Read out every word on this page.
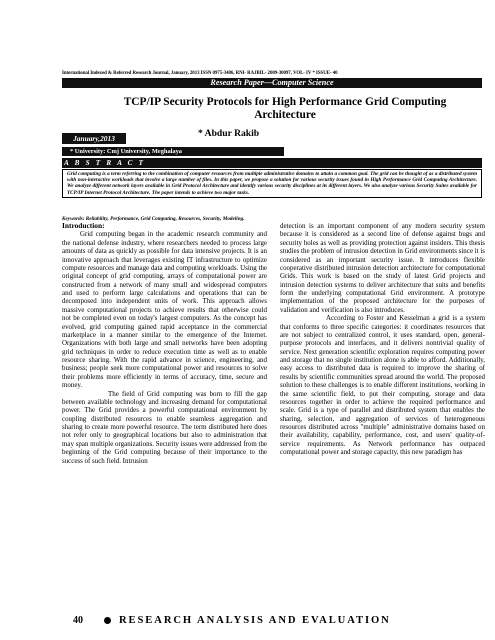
International Indexed & Referred Research Journal, January, 2013 ISSN 0975-3486, RNI- RAJBIL- 2009-30097, VOL- IV * ISSUE- 40
Research Paper—Computer Science
TCP/IP Security Protocols for High Performance Grid Computing Architecture
January,2013	* Abdur Rakib
* University: Cmj University, Meghalaya
A B S T R A C T
Grid computing is a term referring to the combination of computer resources from multiple administrative domains to attain a common goal. The grid can be thought of as a distributed system with non-interactive workloads that involve a large number of files. In this paper, we propose a solution for various security issues found in High Performance Grid Computing Architecture. We analyze different network layers available in Grid Protocol Architecture and identify various security disciplines at its different layers. We also analyze various Security Suites available for TCP/IP Internet Protocol Architecture. The paper intends to achieve two major tasks.
Keywords: Reliability, Performance, Grid Computing, Resources, Security, Modeling.

Introduction:

Grid computing began in the academic research community and the national defense industry, where researchers needed to process large amounts of data as quickly as possible for data intensive projects. It is an innovative approach that leverages existing IT infrastructure to optimize compute resources and manage data and computing workloads. Using the original concept of grid computing, arrays of computational power are constructed from a network of many small and widespread computers and used to perform large calculations and operations that can be decomposed into independent units of work. This approach allows massive computational projects to achieve results that otherwise could not be completed even on today's largest computers. As the concept has evolved, grid computing gained rapid acceptance in the commercial marketplace in a manner similar to the emergence of the Internet. Organizations with both large and small networks have been adopting grid techniques in order to reduce execution time as well as to enable resource sharing. With the rapid advance in science, engineering, and business; people seek more computational power and resources to solve their problems more efficiently in terms of accuracy, time, secure and money.

The field of Grid computing was born to fill the gap between available technology and increasing demand for computational power. The Grid provides a powerful computational environment by coupling distributed resources to enable seamless aggregation and sharing to create more powerful resource. The term distributed here does not refer only to geographical locations but also to administration that may span multiple organizations. Security issues were addressed from the beginning of the Grid computing because of their importance to the success of such field. Intrusion

detection is an important component of any modern security system because it is considered as a second line of defense against bugs and security holes as well as providing protection against insiders. This thesis studies the problem of intrusion detection in Grid environments since it is considered as an important security issue. It introduces flexible cooperative distributed intrusion detection architecture for computational Grids. This work is based on the study of latest Grid projects and intrusion detection systems to deliver architecture that suits and benefits form the underlying computational Grid environment. A prototype implementation of the proposed architecture for the purposes of validation and verification is also introduces.

According to Foster and Kesselman a grid is a system that conforms to three specific categories: it coordinates resources that are not subject to centralized control, it uses standard, open, general-purpose protocols and interfaces, and it delivers nontrivial quality of service. Next generation scientific exploration requires computing power and storage that no single institution alone is able to afford. Additionally, easy access to distributed data is required to improve the sharing of results by scientific communities spread around the world. The proposed solution to these challenges is to enable different institutions, working in the same scientific field, to put their computing, storage and data resources together in order to achieve the required performance and scale. Grid is a type of parallel and distributed system that enables the sharing, selection, and aggregation of services of heterogeneous resources distributed across "multiple" administrative domains based on their availability, capability, performance, cost, and users' quality-of-service requirements. As Network performance has outpaced computational power and storage capacity, this new paradigm has

40	RESEARCH ANALYSIS AND EVALUATION
